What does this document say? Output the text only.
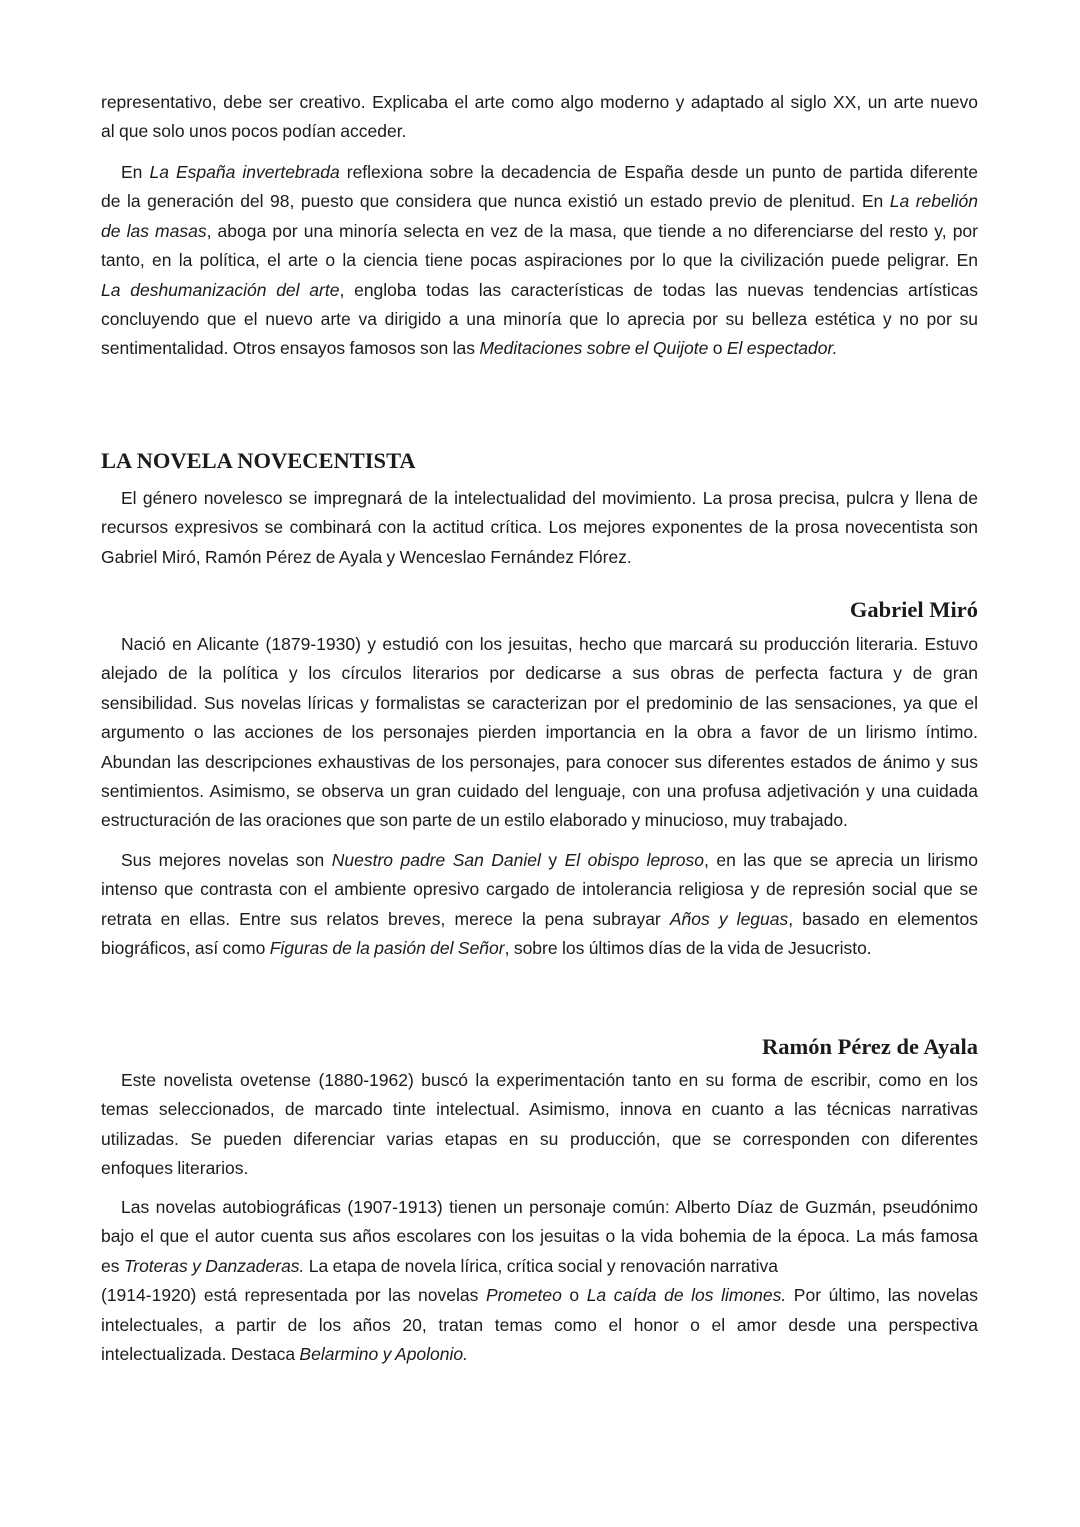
representativo, debe ser creativo. Explicaba el arte como algo moderno y adaptado al siglo XX, un arte nuevo
al que solo unos pocos podían acceder.
En La España invertebrada reflexiona sobre la decadencia de España desde un punto de partida diferente
de la generación del 98, puesto que considera que nunca existió un estado previo de plenitud. En La rebelión
de las masas, aboga por una minoría selecta en vez de la masa, que tiende a no diferenciarse del resto y, por
tanto, en la política, el arte o la ciencia tiene pocas aspiraciones por lo que la civilización puede peligrar. En
La deshumanización del arte, engloba todas las características de todas las nuevas tendencias artísticas
concluyendo que el nuevo arte va dirigido a una minoría que lo aprecia por su belleza estética y no por su
sentimentalidad. Otros ensayos famosos son las Meditaciones sobre el Quijote o El espectador.
LA NOVELA NOVECENTISTA
El género novelesco se impregnará de la intelectualidad del movimiento. La prosa precisa, pulcra y llena de
recursos expresivos se combinará con la actitud crítica. Los mejores exponentes de la prosa novecentista son
Gabriel Miró, Ramón Pérez de Ayala y Wenceslao Fernández Flórez.
Gabriel Miró
Nació en Alicante (1879-1930) y estudió con los jesuitas, hecho que marcará su producción literaria. Estuvo
alejado de la política y los círculos literarios por dedicarse a sus obras de perfecta factura y de gran
sensibilidad. Sus novelas líricas y formalistas se caracterizan por el predominio de las sensaciones, ya que el
argumento o las acciones de los personajes pierden importancia en la obra a favor de un lirismo íntimo.
Abundan las descripciones exhaustivas de los personajes, para conocer sus diferentes estados de ánimo y sus
sentimientos. Asimismo, se observa un gran cuidado del lenguaje, con una profusa adjetivación y una cuidada
estructuración de las oraciones que son parte de un estilo elaborado y minucioso, muy trabajado.
Sus mejores novelas son Nuestro padre San Daniel y El obispo leproso, en las que se aprecia un lirismo
intenso que contrasta con el ambiente opresivo cargado de intolerancia religiosa y de represión social que se
retrata en ellas. Entre sus relatos breves, merece la pena subrayar Años y leguas, basado en elementos
biográficos, así como Figuras de la pasión del Señor, sobre los últimos días de la vida de Jesucristo.
Ramón Pérez de Ayala
Este novelista ovetense (1880-1962) buscó la experimentación tanto en su forma de escribir, como en los
temas seleccionados, de marcado tinte intelectual. Asimismo, innova en cuanto a las técnicas narrativas
utilizadas. Se pueden diferenciar varias etapas en su producción, que se corresponden con diferentes
enfoques literarios.
Las novelas autobiográficas (1907-1913) tienen un personaje común: Alberto Díaz de Guzmán, pseudónimo
bajo el que el autor cuenta sus años escolares con los jesuitas o la vida bohemia de la época. La más famosa
es Troteras y Danzaderas. La etapa de novela lírica, crítica social y renovación narrativa
(1914-1920) está representada por las novelas Prometeo o La caída de los limones. Por último, las novelas
intelectuales, a partir de los años 20, tratan temas como el honor o el amor desde una perspectiva
intelectualizada. Destaca Belarmino y Apolonio.
